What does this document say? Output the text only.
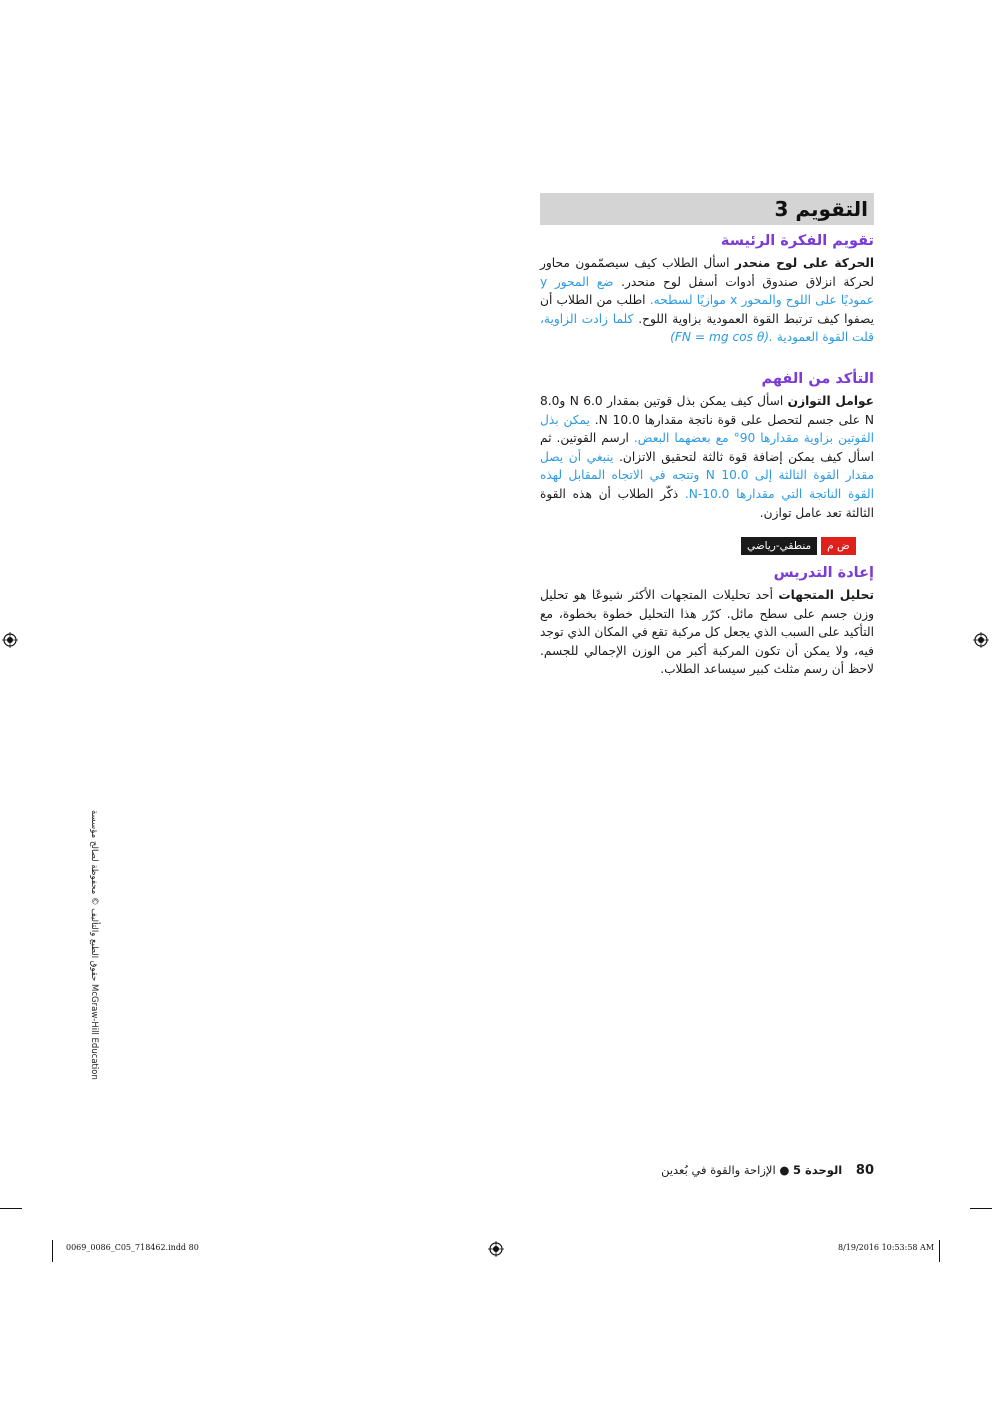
التقويم 3
تقويم الفكرة الرئيسة

الحركة على لوح منحدر اسأل الطلاب كيف سيصمّمون محاور لحركة انزلاق صندوق أدوات أسفل لوح منحدر. ضع المحور y عموديًا على اللوح والمحور x موازيًا لسطحه. اطلب من الطلاب أن يصفوا كيف ترتبط القوة العمودية بزاوية اللوح. كلما زادت الزاوية، قلت القوة العمودية (FN = mg cos θ).

التأكد من الفهم

عوامل التوازن اسأل كيف يمكن بذل قوتين بمقدار 6.0 N و8.0 N على جسم لتحصل على قوة ناتجة مقدارها 10.0 N. يمكن بذل القوتين بزاوية مقدارها 90° مع بعضهما البعض. ارسم القوتين. ثم اسأل كيف يمكن إضافة قوة ثالثة لتحقيق الاتزان. ينبغي أن يصل مقدار القوة الثالثة إلى 10.0 N وتتجه في الاتجاه المقابل لهذه القوة الناتجة التي مقدارها 10.0-N. ذكّر الطلاب أن هذه القوة الثالثة تعد عامل توازن.

منطقي-رياضي	ض م
إعادة التدريس

تحليل المتجهات أحد تحليلات المتجهات الأكثر شيوعًا هو تحليل وزن جسم على سطح مائل. كرّر هذا التحليل خطوة بخطوة، مع التأكيد على السبب الذي يجعل كل مركبة تقع في المكان الذي توجد فيه، ولا يمكن أن تكون المركبة أكبر من الوزن الإجمالي للجسم. لاحظ أن رسم مثلث كبير سيساعد الطلاب.

80 الوحدة 5 ● الإزاحة والقوة في بُعدين
حقوق الطبع والتأليف © محفوظة لصالح مؤسسة McGraw-Hill Education
0069_0086_C05_718462.indd 80	8/19/2016 10:53:58 AM
